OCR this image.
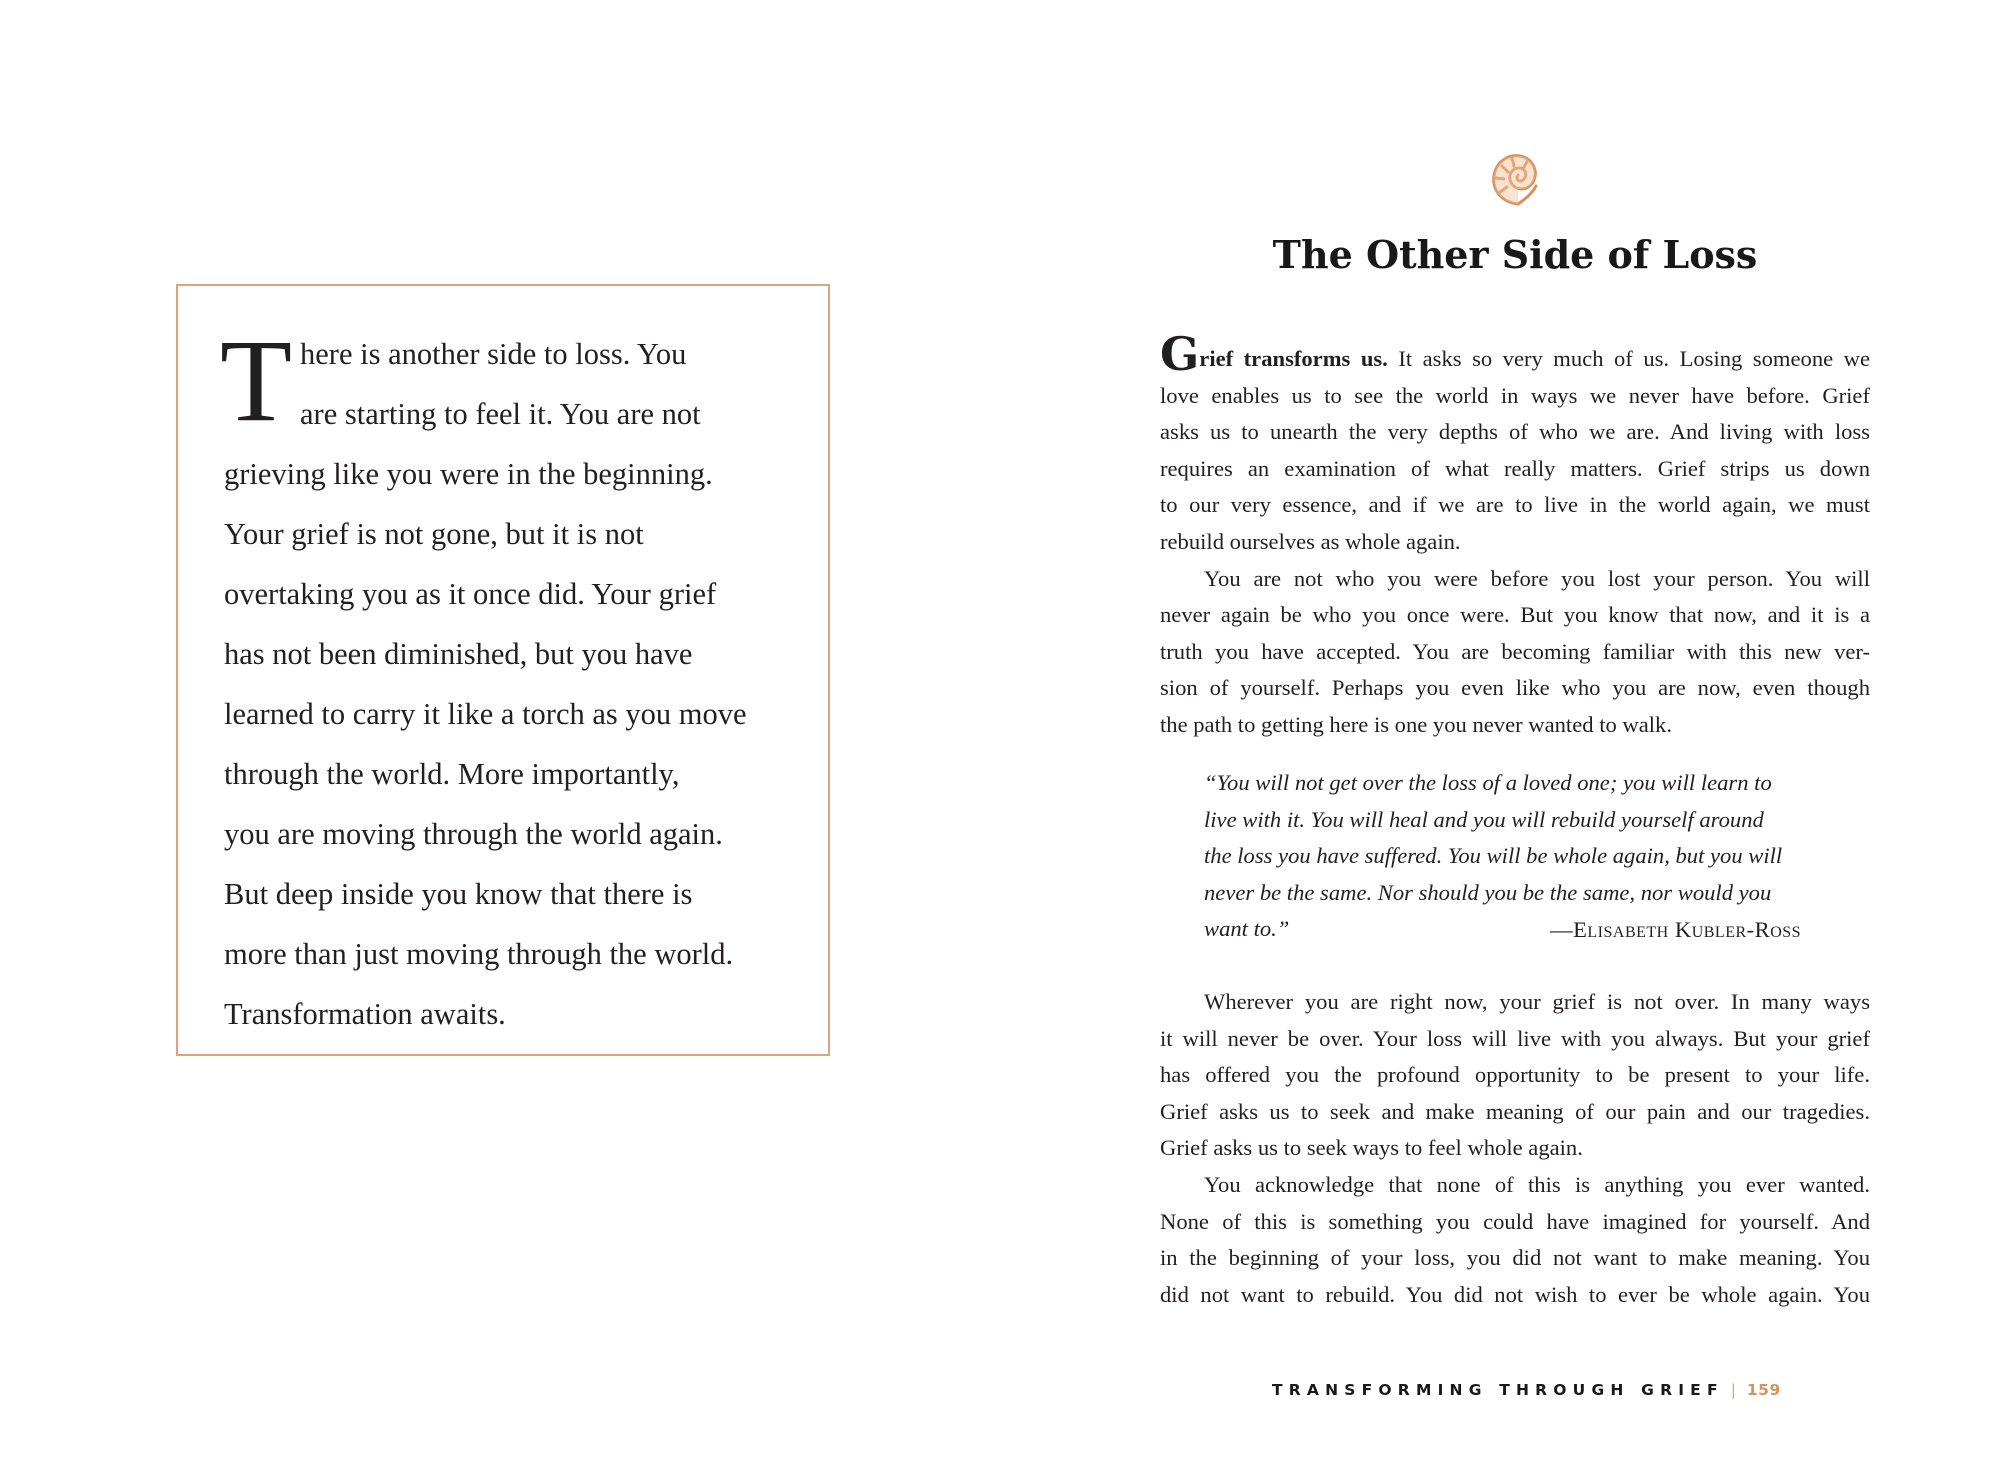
T here is another side to loss. You
are starting to feel it. You are not
grieving like you were in the beginning.
Your grief is not gone, but it is not
overtaking you as it once did. Your grief
has not been diminished, but you have
learned to carry it like a torch as you move
through the world. More importantly,
you are moving through the world again.
But deep inside you know that there is
more than just moving through the world.
Transformation awaits.

The Other Side of Loss
Grief transforms us. It asks so very much of us. Losing someone we
love enables us to see the world in ways we never have before. Grief
asks us to unearth the very depths of who we are. And living with loss
requires an examination of what really matters. Grief strips us down
to our very essence, and if we are to live in the world again, we must
rebuild ourselves as whole again.
You are not who you were before you lost your person. You will
never again be who you once were. But you know that now, and it is a
truth you have accepted. You are becoming familiar with this new ver-
sion of yourself. Perhaps you even like who you are now, even though
the path to getting here is one you never wanted to walk.
“You will not get over the loss of a loved one; you will learn to
live with it. You will heal and you will rebuild yourself around
the loss you have suffered. You will be whole again, but you will
never be the same. Nor should you be the same, nor would you
want to.”	—Elisabeth Kubler-Ross
Wherever you are right now, your grief is not over. In many ways
it will never be over. Your loss will live with you always. But your grief
has offered you the profound opportunity to be present to your life.
Grief asks us to seek and make meaning of our pain and our tragedies.
Grief asks us to seek ways to feel whole again.
You acknowledge that none of this is anything you ever wanted.
None of this is something you could have imagined for yourself. And
in the beginning of your loss, you did not want to make meaning. You
did not want to rebuild. You did not wish to ever be whole again. You
TRANSFORMING THROUGH GRIEF | 159
